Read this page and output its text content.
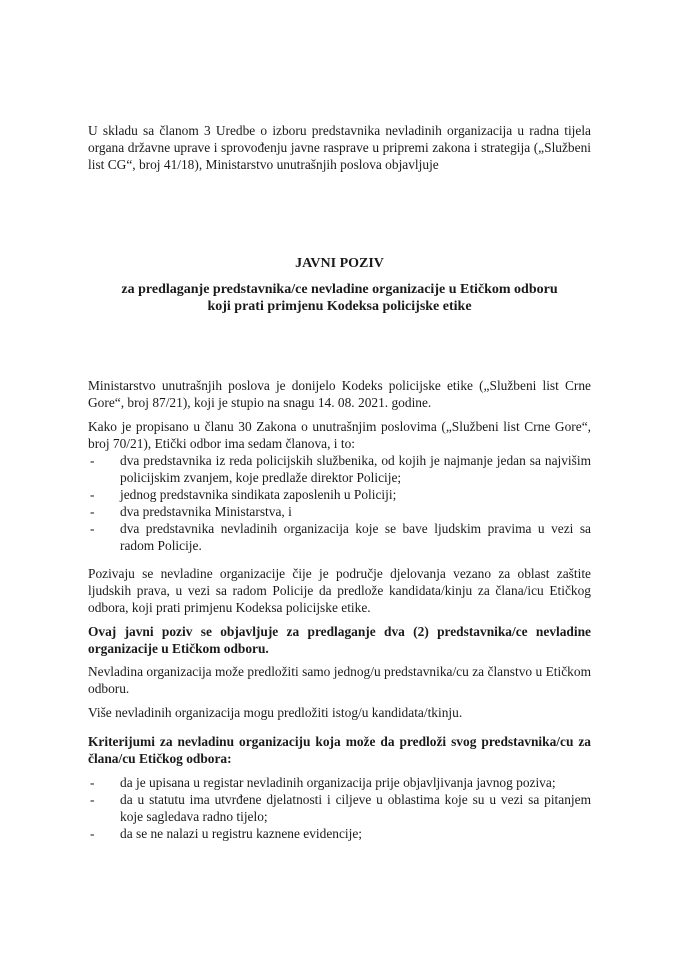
U skladu sa članom 3 Uredbe o izboru predstavnika nevladinih organizacija u radna tijela organa državne uprave i sprovođenju javne rasprave u pripremi zakona i strategija („Službeni list CG“, broj 41/18), Ministarstvo unutrašnjih poslova objavljuje
JAVNI POZIV
za predlaganje predstavnika/ce nevladine organizacije u Etičkom odboru
koji prati primjenu Kodeksa policijske etike
Ministarstvo unutrašnjih poslova je donijelo Kodeks policijske etike („Službeni list Crne Gore“, broj 87/21), koji je stupio na snagu 14. 08. 2021. godine.
Kako je propisano u članu 30 Zakona o unutrašnjim poslovima („Službeni list Crne Gore“, broj 70/21), Etički odbor ima sedam članova, i to:
- dva predstavnika iz reda policijskih službenika, od kojih je najmanje jedan sa najvišim policijskim zvanjem, koje predlaže direktor Policije;
- jednog predstavnika sindikata zaposlenih u Policiji;
- dva predstavnika Ministarstva, i
- dva predstavnika nevladinih organizacija koje se bave ljudskim pravima u vezi sa radom Policije.
Pozivaju se nevladine organizacije čije je područje djelovanja vezano za oblast zaštite ljudskih prava, u vezi sa radom Policije da predlože kandidata/kinju za člana/icu Etičkog odbora, koji prati primjenu Kodeksa policijske etike.
Ovaj javni poziv se objavljuje za predlaganje dva (2) predstavnika/ce nevladine organizacije u Etičkom odboru.
Nevladina organizacija može predložiti samo jednog/u predstavnika/cu za članstvo u Etičkom odboru.
Više nevladinih organizacija mogu predložiti istog/u kandidata/tkinju.
Kriterijumi za nevladinu organizaciju koja može da predloži svog predstavnika/cu za člana/cu Etičkog odbora:
- da je upisana u registar nevladinih organizacija prije objavljivanja javnog poziva;
- da u statutu ima utvrđene djelatnosti i ciljeve u oblastima koje su u vezi sa pitanjem koje sagledava radno tijelo;
- da se ne nalazi u registru kaznene evidencije;
